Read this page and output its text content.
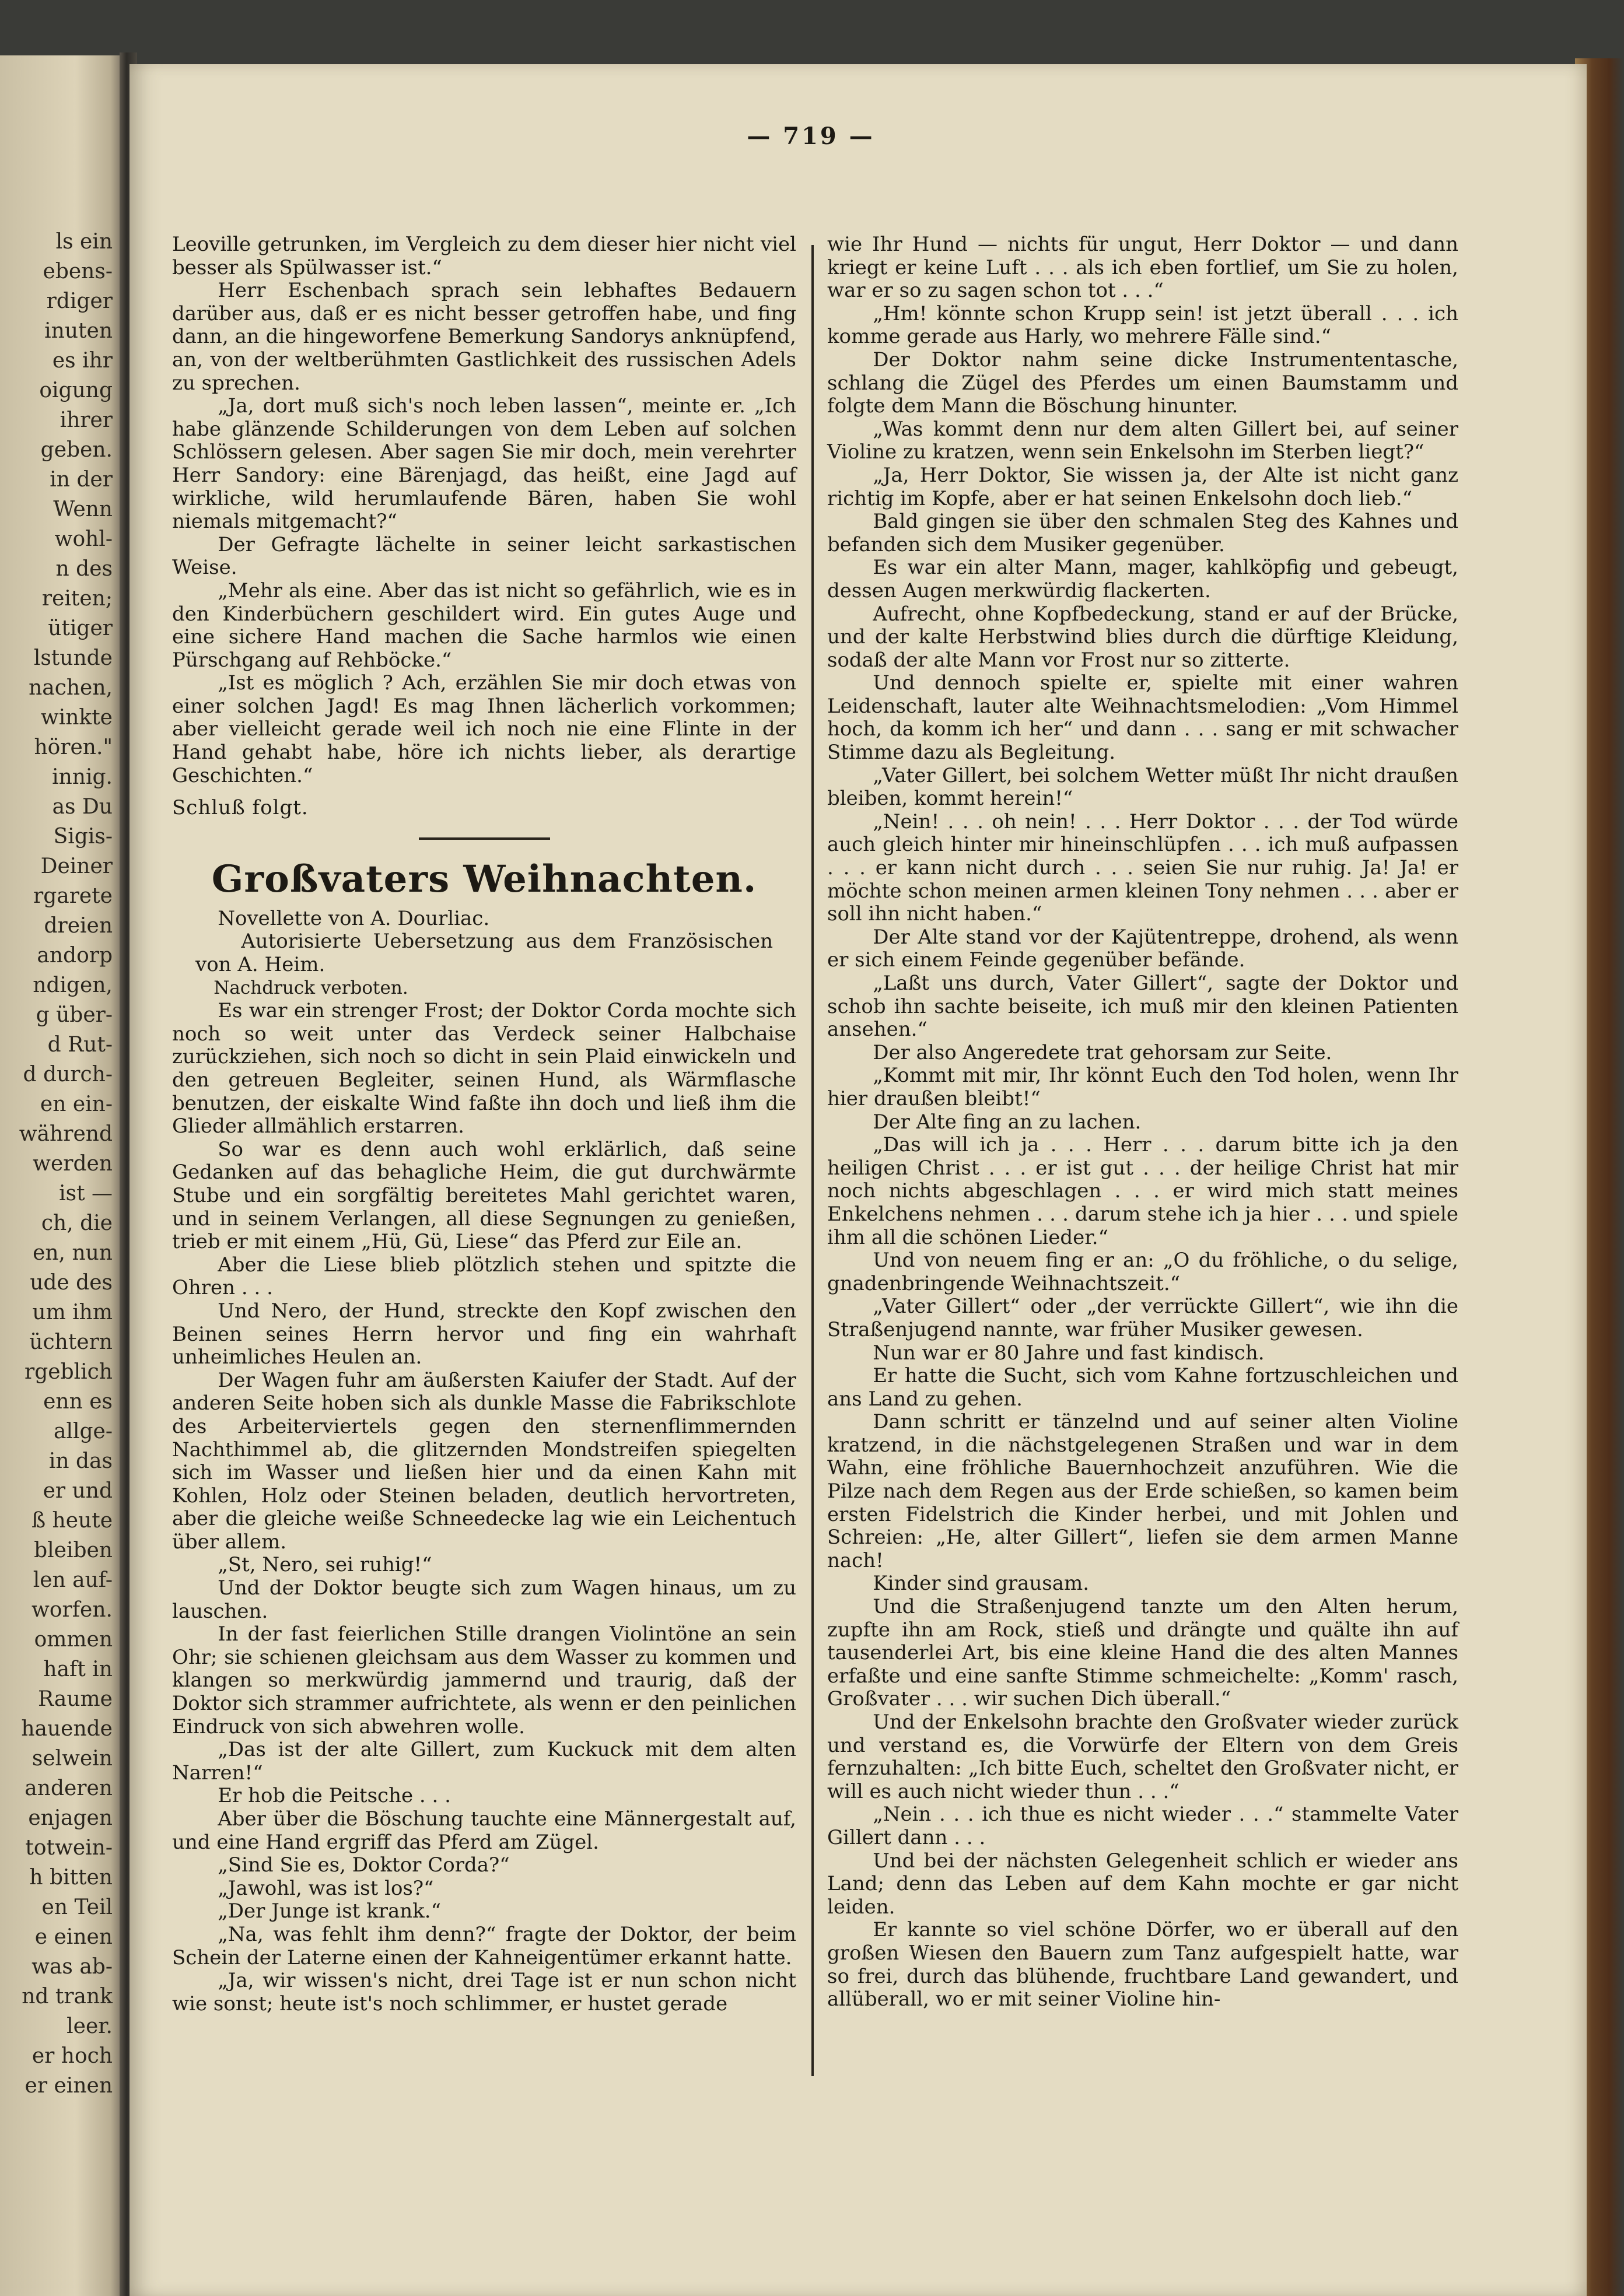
ls ein
ebens-
rdiger
inuten
es ihr
oigung
ihrer
geben.
in der
Wenn
wohl-
n des
reiten;
ütiger
lstunde
nachen,
winkte
hören."
innig.
as Du
Sigis-
Deiner
rgarete
dreien
andorp
ndigen,
g über-
d Rut-
d durch-
en ein-
während
werden
ist —
ch, die
en, nun
ude des
um ihm
üchtern
rgeblich
enn es
allge-
in das
er und
ß heute
bleiben
len auf-
worfen.
ommen
haft in
Raume
hauende
selwein
anderen
enjagen
totwein-
h bitten
en Teil
e einen
was ab-
nd trank
leer.
er hoch
er einen
— 719 —

Leoville getrunken, im Vergleich zu dem dieser hier nicht viel besser als Spülwasser ist.“

Herr Eschenbach sprach sein lebhaftes Bedauern darüber aus, daß er es nicht besser getroffen habe, und fing dann, an die hingeworfene Bemerkung Sandorys anknüpfend, an, von der weltberühmten Gastlichkeit des russischen Adels zu sprechen.

„Ja, dort muß sich's noch leben lassen“, meinte er. „Ich habe glänzende Schilderungen von dem Leben auf solchen Schlössern gelesen. Aber sagen Sie mir doch, mein verehrter Herr Sandory: eine Bärenjagd, das heißt, eine Jagd auf wirkliche, wild herumlaufende Bären, haben Sie wohl niemals mitgemacht?“

Der Gefragte lächelte in seiner leicht sarkastischen Weise.

„Mehr als eine. Aber das ist nicht so gefährlich, wie es in den Kinderbüchern geschildert wird. Ein gutes Auge und eine sichere Hand machen die Sache harmlos wie einen Pürschgang auf Rehböcke.“

„Ist es möglich ? Ach, erzählen Sie mir doch etwas von einer solchen Jagd! Es mag Ihnen lächerlich vorkommen; aber vielleicht gerade weil ich noch nie eine Flinte in der Hand gehabt habe, höre ich nichts lieber, als derartige Geschichten.“

Schluß folgt.

Großvaters Weihnachten.

Novellette von A. Dourliac.

Autorisierte Uebersetzung aus dem Französischen von A. Heim.

Nachdruck verboten.

Es war ein strenger Frost; der Doktor Corda mochte sich noch so weit unter das Verdeck seiner Halbchaise zurückziehen, sich noch so dicht in sein Plaid einwickeln und den getreuen Begleiter, seinen Hund, als Wärmflasche benutzen, der eiskalte Wind faßte ihn doch und ließ ihm die Glieder allmählich erstarren.

So war es denn auch wohl erklärlich, daß seine Gedanken auf das behagliche Heim, die gut durchwärmte Stube und ein sorgfältig bereitetes Mahl gerichtet waren, und in seinem Verlangen, all diese Segnungen zu genießen, trieb er mit einem „Hü, Gü, Liese“ das Pferd zur Eile an.

Aber die Liese blieb plötzlich stehen und spitzte die Ohren . . .

Und Nero, der Hund, streckte den Kopf zwischen den Beinen seines Herrn hervor und fing ein wahrhaft unheimliches Heulen an.

Der Wagen fuhr am äußersten Kaiufer der Stadt. Auf der anderen Seite hoben sich als dunkle Masse die Fabrikschlote des Arbeiterviertels gegen den sternenflimmernden Nachthimmel ab, die glitzernden Mondstreifen spiegelten sich im Wasser und ließen hier und da einen Kahn mit Kohlen, Holz oder Steinen beladen, deutlich hervortreten, aber die gleiche weiße Schneedecke lag wie ein Leichentuch über allem.

„St, Nero, sei ruhig!“

Und der Doktor beugte sich zum Wagen hinaus, um zu lauschen.

In der fast feierlichen Stille drangen Violintöne an sein Ohr; sie schienen gleichsam aus dem Wasser zu kommen und klangen so merkwürdig jammernd und traurig, daß der Doktor sich strammer aufrichtete, als wenn er den peinlichen Eindruck von sich abwehren wolle.

„Das ist der alte Gillert, zum Kuckuck mit dem alten Narren!“

Er hob die Peitsche . . .

Aber über die Böschung tauchte eine Männergestalt auf, und eine Hand ergriff das Pferd am Zügel.

„Sind Sie es, Doktor Corda?“

„Jawohl, was ist los?“

„Der Junge ist krank.“

„Na, was fehlt ihm denn?“ fragte der Doktor, der beim Schein der Laterne einen der Kahneigentümer erkannt hatte.

„Ja, wir wissen's nicht, drei Tage ist er nun schon nicht wie sonst; heute ist's noch schlimmer, er hustet gerade

wie Ihr Hund — nichts für ungut, Herr Doktor — und dann kriegt er keine Luft . . . als ich eben fortlief, um Sie zu holen, war er so zu sagen schon tot . . .“

„Hm! könnte schon Krupp sein! ist jetzt überall . . . ich komme gerade aus Harly, wo mehrere Fälle sind.“

Der Doktor nahm seine dicke Instrumententasche, schlang die Zügel des Pferdes um einen Baumstamm und folgte dem Mann die Böschung hinunter.

„Was kommt denn nur dem alten Gillert bei, auf seiner Violine zu kratzen, wenn sein Enkelsohn im Sterben liegt?“

„Ja, Herr Doktor, Sie wissen ja, der Alte ist nicht ganz richtig im Kopfe, aber er hat seinen Enkelsohn doch lieb.“

Bald gingen sie über den schmalen Steg des Kahnes und befanden sich dem Musiker gegenüber.

Es war ein alter Mann, mager, kahlköpfig und gebeugt, dessen Augen merkwürdig flackerten.

Aufrecht, ohne Kopfbedeckung, stand er auf der Brücke, und der kalte Herbstwind blies durch die dürftige Kleidung, sodaß der alte Mann vor Frost nur so zitterte.

Und dennoch spielte er, spielte mit einer wahren Leidenschaft, lauter alte Weihnachtsmelodien: „Vom Himmel hoch, da komm ich her“ und dann . . . sang er mit schwacher Stimme dazu als Begleitung.

„Vater Gillert, bei solchem Wetter müßt Ihr nicht draußen bleiben, kommt herein!“

„Nein! . . . oh nein! . . . Herr Doktor . . . der Tod würde auch gleich hinter mir hineinschlüpfen . . . ich muß aufpassen . . . er kann nicht durch . . . seien Sie nur ruhig. Ja! Ja! er möchte schon meinen armen kleinen Tony nehmen . . . aber er soll ihn nicht haben.“

Der Alte stand vor der Kajütentreppe, drohend, als wenn er sich einem Feinde gegenüber befände.

„Laßt uns durch, Vater Gillert“, sagte der Doktor und schob ihn sachte beiseite, ich muß mir den kleinen Patienten ansehen.“

Der also Angeredete trat gehorsam zur Seite.

„Kommt mit mir, Ihr könnt Euch den Tod holen, wenn Ihr hier draußen bleibt!“

Der Alte fing an zu lachen.

„Das will ich ja . . . Herr . . . darum bitte ich ja den heiligen Christ . . . er ist gut . . . der heilige Christ hat mir noch nichts abgeschlagen . . . er wird mich statt meines Enkelchens nehmen . . . darum stehe ich ja hier . . . und spiele ihm all die schönen Lieder.“

Und von neuem fing er an: „O du fröhliche, o du selige, gnadenbringende Weihnachtszeit.“

„Vater Gillert“ oder „der verrückte Gillert“, wie ihn die Straßenjugend nannte, war früher Musiker gewesen.

Nun war er 80 Jahre und fast kindisch.

Er hatte die Sucht, sich vom Kahne fortzuschleichen und ans Land zu gehen.

Dann schritt er tänzelnd und auf seiner alten Violine kratzend, in die nächstgelegenen Straßen und war in dem Wahn, eine fröhliche Bauernhochzeit anzuführen. Wie die Pilze nach dem Regen aus der Erde schießen, so kamen beim ersten Fidelstrich die Kinder herbei, und mit Johlen und Schreien: „He, alter Gillert“, liefen sie dem armen Manne nach!

Kinder sind grausam.

Und die Straßenjugend tanzte um den Alten herum, zupfte ihn am Rock, stieß und drängte und quälte ihn auf tausenderlei Art, bis eine kleine Hand die des alten Mannes erfaßte und eine sanfte Stimme schmeichelte: „Komm' rasch, Großvater . . . wir suchen Dich überall.“

Und der Enkelsohn brachte den Großvater wieder zurück und verstand es, die Vorwürfe der Eltern von dem Greis fernzuhalten: „Ich bitte Euch, scheltet den Großvater nicht, er will es auch nicht wieder thun . . .“

„Nein . . . ich thue es nicht wieder . . .“ stammelte Vater Gillert dann . . .

Und bei der nächsten Gelegenheit schlich er wieder ans Land; denn das Leben auf dem Kahn mochte er gar nicht leiden.

Er kannte so viel schöne Dörfer, wo er überall auf den großen Wiesen den Bauern zum Tanz aufgespielt hatte, war so frei, durch das blühende, fruchtbare Land gewandert, und allüberall, wo er mit seiner Violine hin-
